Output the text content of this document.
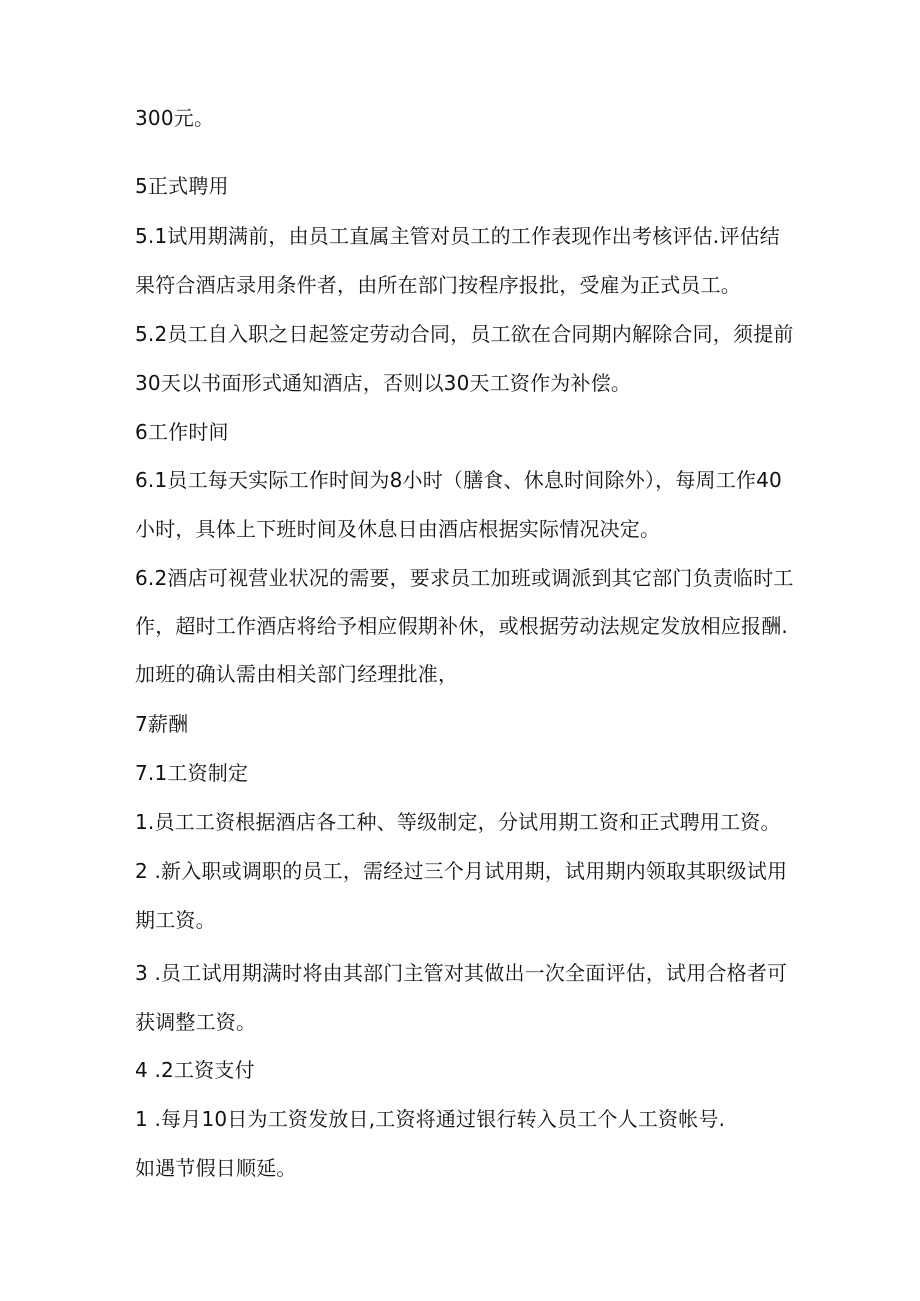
300元。
5正式聘用
5.1试用期满前，由员工直属主管对员工的工作表现作出考核评估.评估结
果符合酒店录用条件者，由所在部门按程序报批，受雇为正式员工。
5.2员工自入职之日起签定劳动合同，员工欲在合同期内解除合同，须提前
30天以书面形式通知酒店，否则以30天工资作为补偿。
6工作时间
6.1员工每天实际工作时间为8小时（膳食、休息时间除外），每周工作40
小时，具体上下班时间及休息日由酒店根据实际情况决定。
6.2酒店可视营业状况的需要，要求员工加班或调派到其它部门负责临时工
作，超时工作酒店将给予相应假期补休，或根据劳动法规定发放相应报酬.
加班的确认需由相关部门经理批准，
7薪酬
7.1工资制定
1.员工工资根据酒店各工种、等级制定，分试用期工资和正式聘用工资。
2 .新入职或调职的员工，需经过三个月试用期，试用期内领取其职级试用
期工资。
3 .员工试用期满时将由其部门主管对其做出一次全面评估，试用合格者可
获调整工资。
4 .2工资支付
1 .每月10日为工资发放日,工资将通过银行转入员工个人工资帐号.
如遇节假日顺延。
